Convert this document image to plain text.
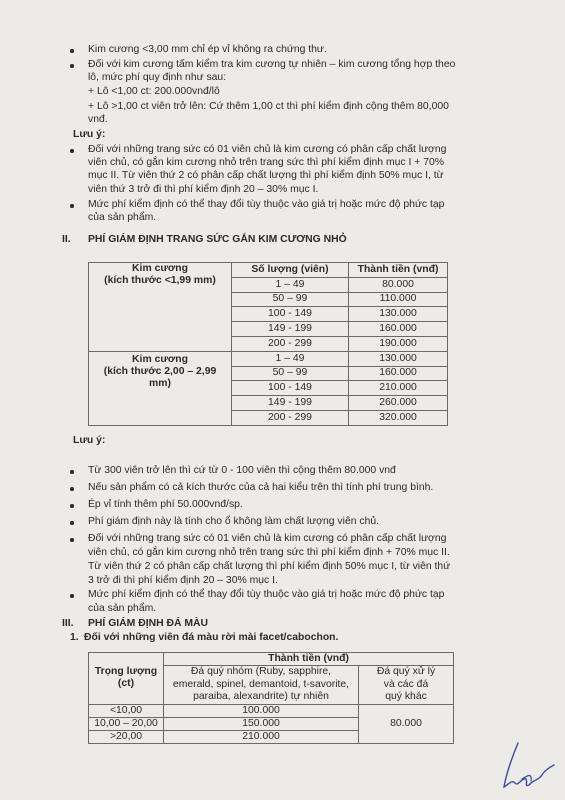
Kim cương <3,00 mm chỉ ép vỉ không ra chứng thư.
Đối với kim cương tấm kiểm tra kim cương tự nhiên – kim cương tổng hợp theo
lô, mức phí quy định như sau:
+ Lô <1,00 ct: 200.000vnđ/lô
+ Lô >1,00 ct viên trở lên: Cứ thêm 1,00 ct thì phí kiểm định cộng thêm 80,000
vnđ.
Lưu ý:
Đối với những trang sức có 01 viên chủ là kim cương có phân cấp chất lượng
viên chủ, có gắn kim cương nhỏ trên trang sức thì phí kiểm định mục I + 70%
mục II. Từ viên thứ 2 có phân cấp chất lượng thì phí kiểm định 50% mục I, từ
viên thứ 3 trở đi thì phí kiểm định 20 – 30% mục I.
Mức phí kiểm định có thể thay đổi tùy thuộc vào giá trị hoặc mức độ phức tạp
của sản phẩm.
II. PHÍ GIÁM ĐỊNH TRANG SỨC GẮN KIM CƯƠNG NHỎ
Kim cương
(kích thước <1,99 mm)	Số lượng (viên)	Thành tiền (vnđ)
	1 – 49	80.000
	50 – 99	110.000
	100 - 149	130.000
	149 - 199	160.000
	200 - 299	190.000
Kim cương
(kích thước 2,00 – 2,99
mm)	1 – 49	130.000
	50 – 99	160.000
	100 - 149	210.000
	149 - 199	260.000
	200 - 299	320.000
Lưu ý:
Từ 300 viên trở lên thì cứ từ 0 - 100 viên thì cộng thêm 80.000 vnđ
Nếu sản phẩm có cả kích thước của cả hai kiểu trên thì tính phí trung bình.
Ép vỉ tính thêm phí 50.000vnđ/sp.
Phí giám định này là tính cho ổ không làm chất lượng viên chủ.
Đối với những trang sức có 01 viên chủ là kim cương có phân cấp chất lượng
viên chủ, có gắn kim cương nhỏ trên trang sức thì phí kiểm định + 70% mục II.
Từ viên thứ 2 có phân cấp chất lượng thì phí kiểm định 50% mục I, từ viên thứ
3 trở đi thì phí kiểm định 20 – 30% mục I.
Mức phí kiểm định có thể thay đổi tùy thuộc vào giá trị hoặc mức độ phức tạp
của sản phẩm.
III. PHÍ GIÁM ĐỊNH ĐÁ MÀU
1. Đối với những viên đá màu rời mài facet/cabochon.
Trọng lượng
(ct)	Thành tiền (vnđ)	
	Đá quý nhóm (Ruby, sapphire,
emerald, spinel, demantoid, t-savorite,
paraiba, alexandrite) tự nhiên	Đá quý xử lý
và các đá
quý khác
<10,00	100.000	80.000
10,00 – 20,00	150.000	
>20,00	210.000	
